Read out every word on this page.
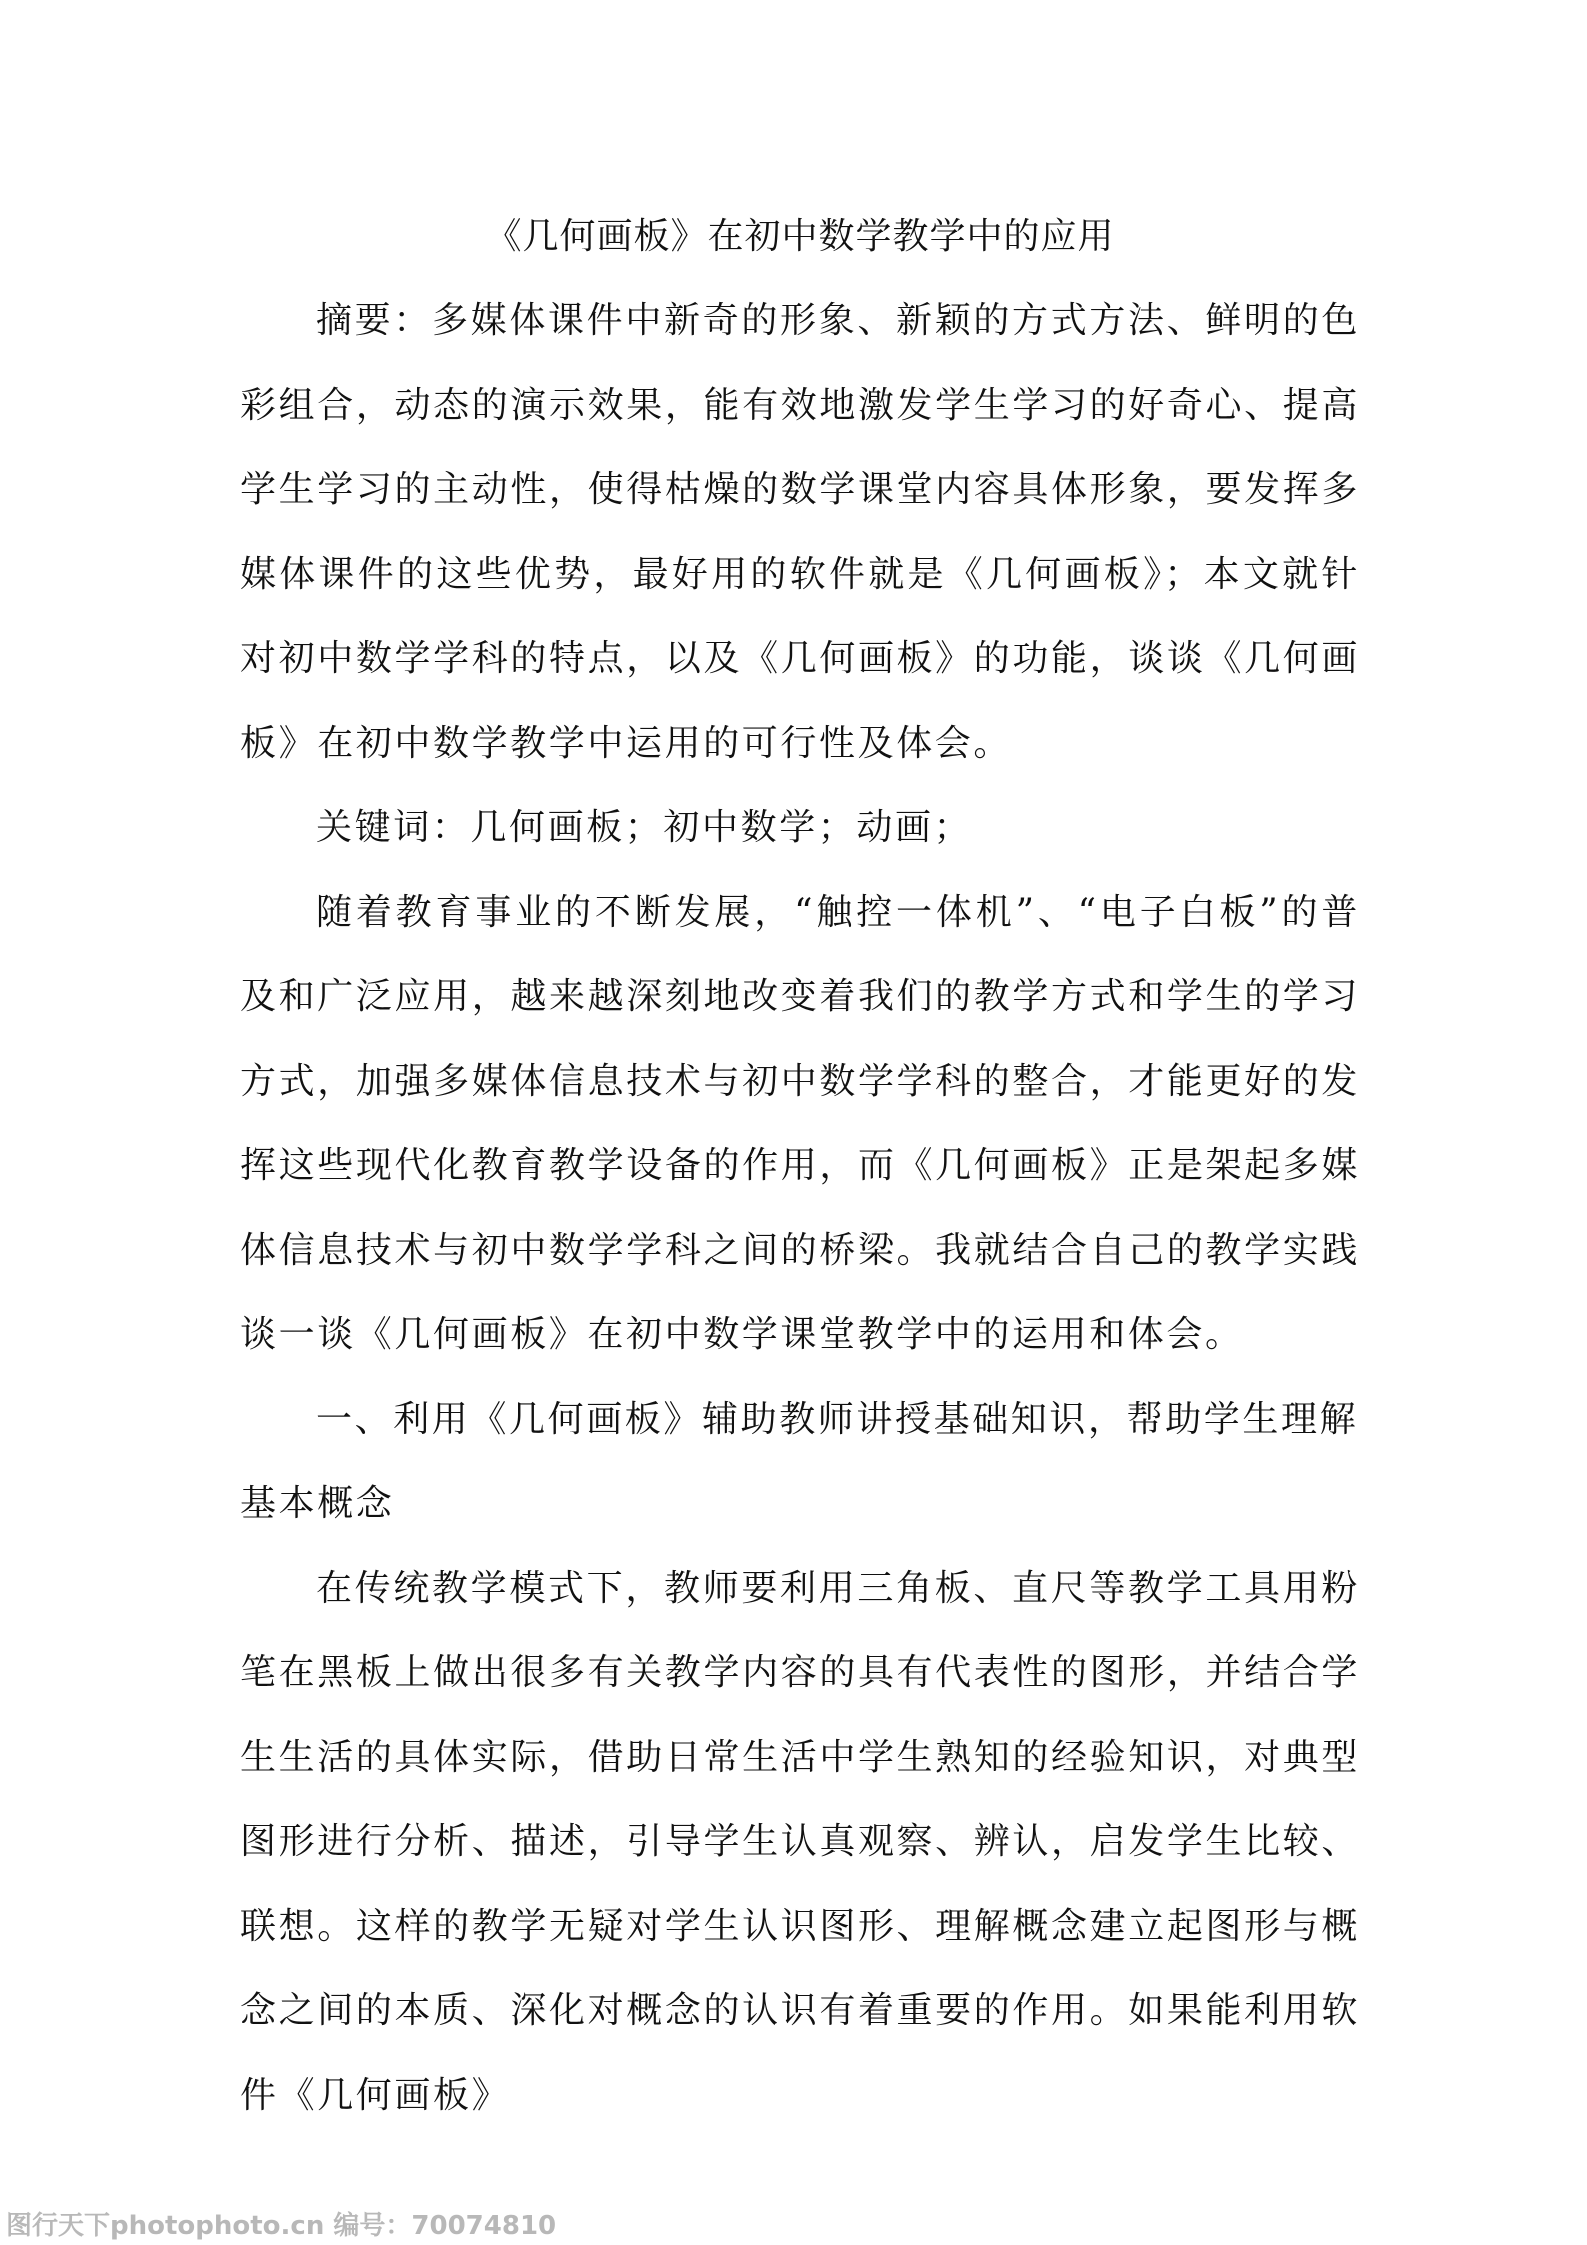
《几何画板》在初中数学教学中的应用

摘要：多媒体课件中新奇的形象、新颖的方式方法、鲜明的色彩组合，动态的演示效果，能有效地激发学生学习的好奇心、提高学生学习的主动性，使得枯燥的数学课堂内容具体形象，要发挥多媒体课件的这些优势，最好用的软件就是《几何画板》；本文就针对初中数学学科的特点，以及《几何画板》的功能，谈谈《几何画板》在初中数学教学中运用的可行性及体会。

关键词：几何画板；初中数学；动画；

随着教育事业的不断发展，“触控一体机”、“电子白板”的普及和广泛应用，越来越深刻地改变着我们的教学方式和学生的学习方式，加强多媒体信息技术与初中数学学科的整合，才能更好的发挥这些现代化教育教学设备的作用，而《几何画板》正是架起多媒体信息技术与初中数学学科之间的桥梁。我就结合自己的教学实践谈一谈《几何画板》在初中数学课堂教学中的运用和体会。

一、利用《几何画板》辅助教师讲授基础知识，帮助学生理解基本概念

在传统教学模式下，教师要利用三角板、直尺等教学工具用粉笔在黑板上做出很多有关教学内容的具有代表性的图形，并结合学生生活的具体实际，借助日常生活中学生熟知的经验知识，对典型图形进行分析、描述，引导学生认真观察、辨认，启发学生比较、联想。这样的教学无疑对学生认识图形、理解概念建立起图形与概念之间的本质、深化对概念的认识有着重要的作用。如果能利用软件《几何画板》

图行天下photophoto.cn 编号：70074810
